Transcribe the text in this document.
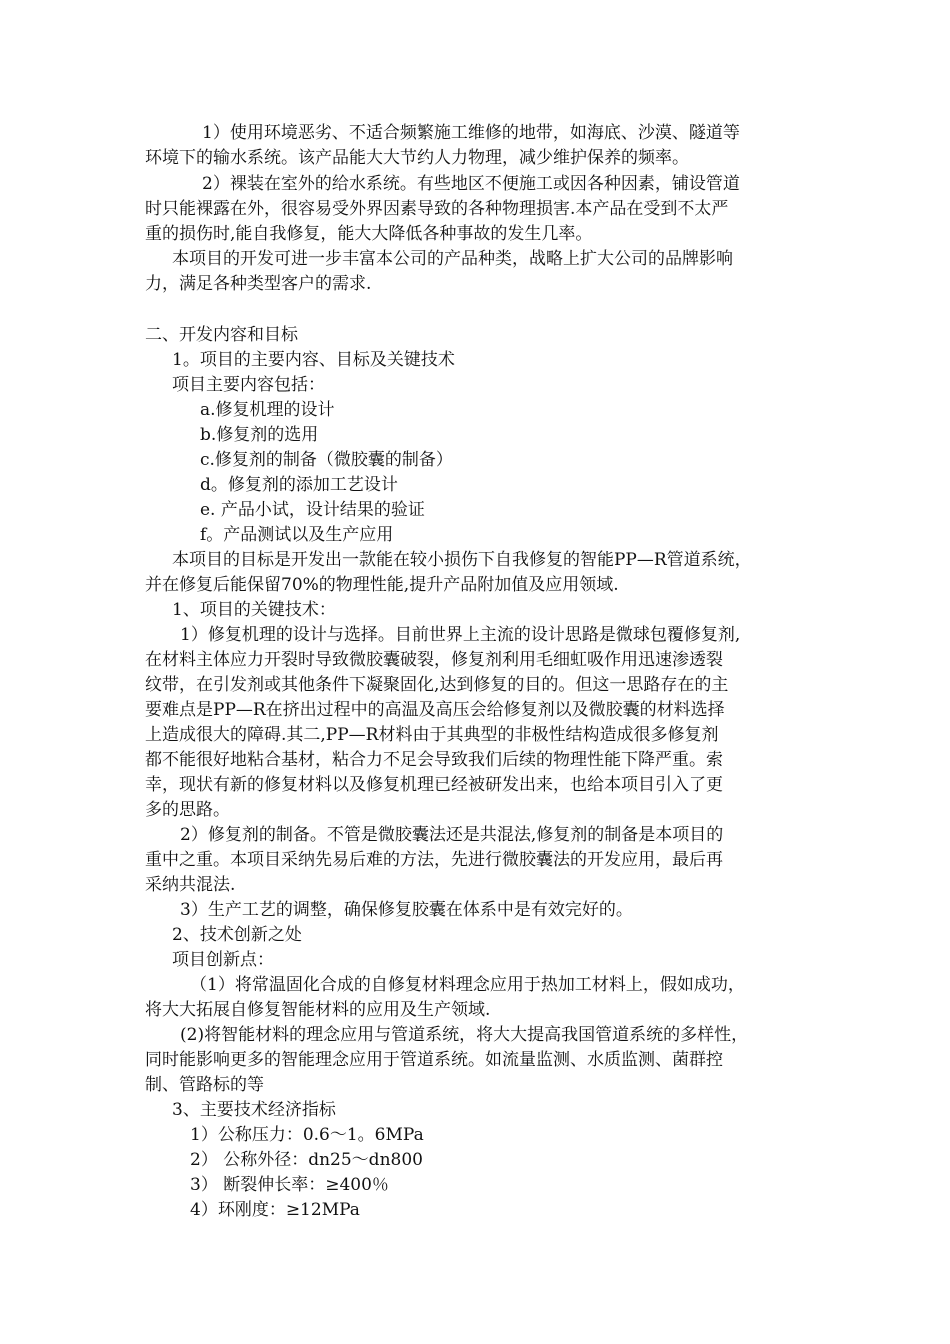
1）使用环境恶劣、不适合频繁施工维修的地带，如海底、沙漠、隧道等
环境下的输水系统。该产品能大大节约人力物理，减少维护保养的频率。
2）裸装在室外的给水系统。有些地区不便施工或因各种因素，铺设管道
时只能裸露在外，很容易受外界因素导致的各种物理损害.本产品在受到不太严
重的损伤时,能自我修复，能大大降低各种事故的发生几率。
本项目的开发可进一步丰富本公司的产品种类，战略上扩大公司的品牌影响
力，满足各种类型客户的需求.
二、开发内容和目标
1。项目的主要内容、目标及关键技术
项目主要内容包括：
a.修复机理的设计
b.修复剂的选用
c.修复剂的制备（微胶囊的制备）
d。修复剂的添加工艺设计
e. 产品小试，设计结果的验证
f。产品测试以及生产应用
本项目的目标是开发出一款能在较小损伤下自我修复的智能PP—R管道系统，
并在修复后能保留70%的物理性能,提升产品附加值及应用领域.
1、项目的关键技术：
1）修复机理的设计与选择。目前世界上主流的设计思路是微球包覆修复剂,
在材料主体应力开裂时导致微胶囊破裂，修复剂利用毛细虹吸作用迅速渗透裂
纹带，在引发剂或其他条件下凝聚固化,达到修复的目的。但这一思路存在的主
要难点是PP—R在挤出过程中的高温及高压会给修复剂以及微胶囊的材料选择
上造成很大的障碍.其二,PP—R材料由于其典型的非极性结构造成很多修复剂
都不能很好地粘合基材，粘合力不足会导致我们后续的物理性能下降严重。索
幸，现状有新的修复材料以及修复机理已经被研发出来，也给本项目引入了更
多的思路。
2）修复剂的制备。不管是微胶囊法还是共混法,修复剂的制备是本项目的
重中之重。本项目采纳先易后难的方法，先进行微胶囊法的开发应用，最后再
采纳共混法.
3）生产工艺的调整，确保修复胶囊在体系中是有效完好的。
2、技术创新之处
项目创新点：
（1）将常温固化合成的自修复材料理念应用于热加工材料上，假如成功，
将大大拓展自修复智能材料的应用及生产领域.
(2)将智能材料的理念应用与管道系统，将大大提高我国管道系统的多样性，
同时能影响更多的智能理念应用于管道系统。如流量监测、水质监测、菌群控
制、管路标的等
3、主要技术经济指标
1）公称压力：0.6～1。6MPa
2） 公称外径：dn25～dn800
3） 断裂伸长率：≥400％
4）环刚度：≥12MPa
